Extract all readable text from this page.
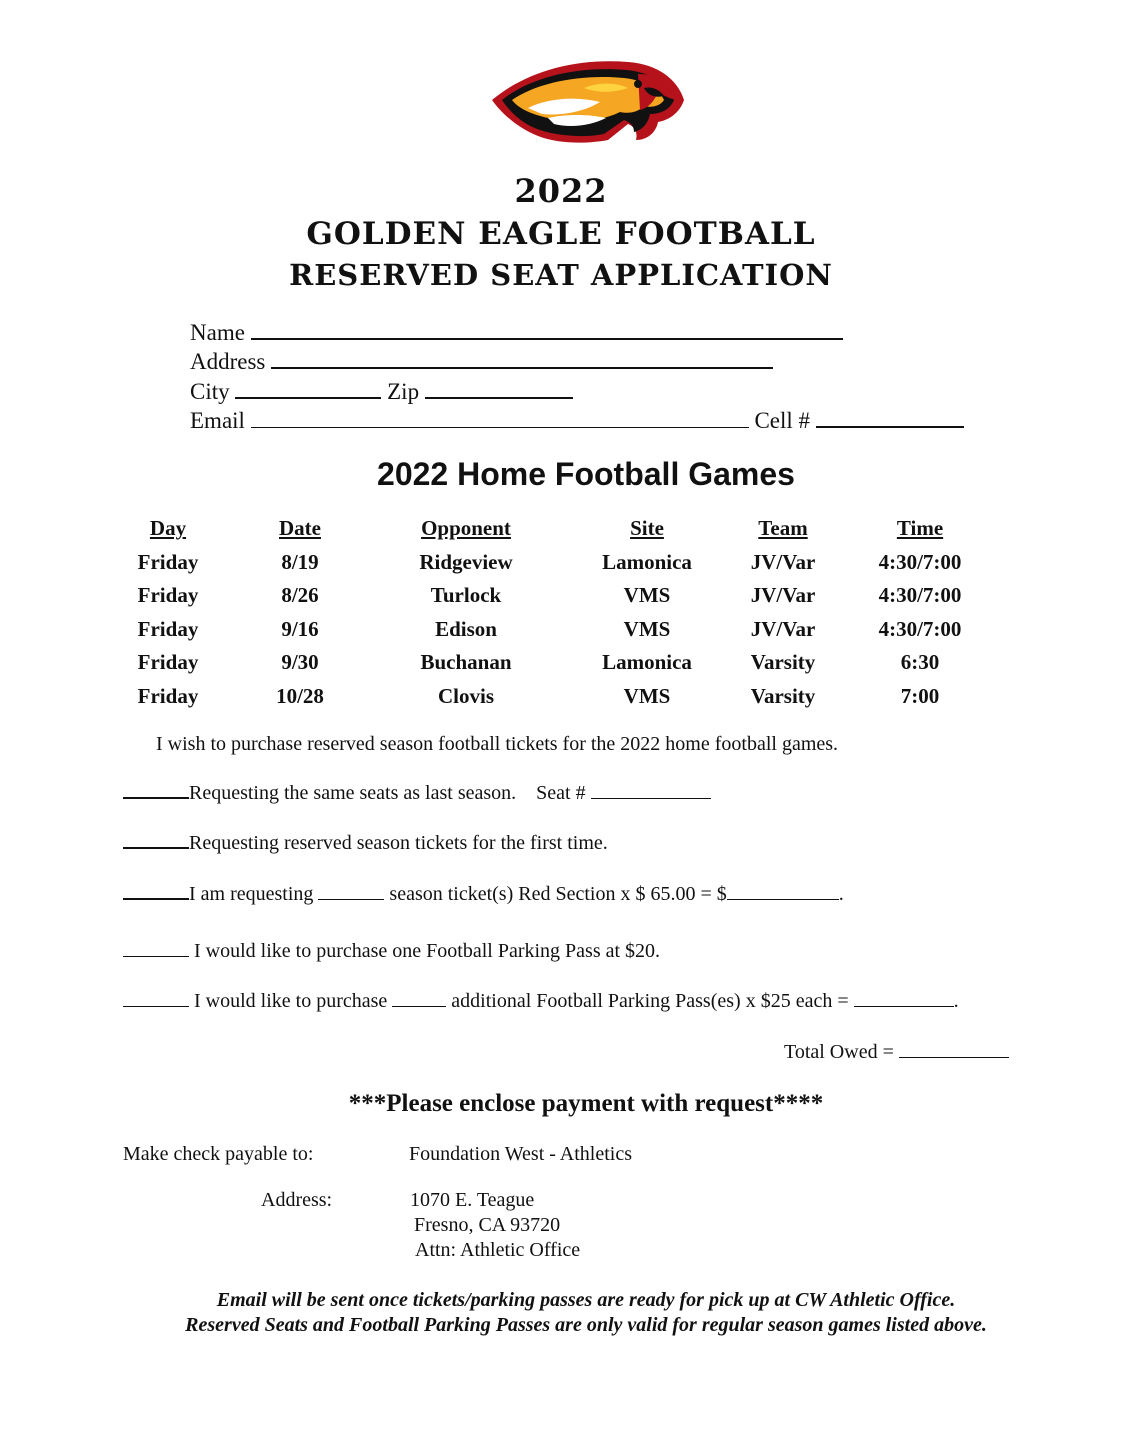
2022
GOLDEN EAGLE FOOTBALL
RESERVED SEAT APPLICATION
Name
Address
City	Zip
Email	Cell #
2022 Home Football Games
Day	Date	Opponent	Site	Team	Time
Friday	8/19	Ridgeview	Lamonica	JV/Var	4:30/7:00
Friday	8/26	Turlock	VMS	JV/Var	4:30/7:00
Friday	9/16	Edison	VMS	JV/Var	4:30/7:00
Friday	9/30	Buchanan	Lamonica	Varsity	6:30
Friday	10/28	Clovis	VMS	Varsity	7:00
I wish to purchase reserved season football tickets for the 2022 home football games.
Requesting the same seats as last season. Seat #
Requesting reserved season tickets for the first time.
I am requesting	season ticket(s) Red Section x $ 65.00 = $	.
I would like to purchase one Football Parking Pass at $20.
I would like to purchase	additional Football Parking Pass(es) x $25 each =	.
Total Owed =
***Please enclose payment with request****
Make check payable to:	Foundation West - Athletics
Address:	1070 E. Teague
Fresno, CA 93720
Attn: Athletic Office
Email will be sent once tickets/parking passes are ready for pick up at CW Athletic Office.
Reserved Seats and Football Parking Passes are only valid for regular season games listed above.
